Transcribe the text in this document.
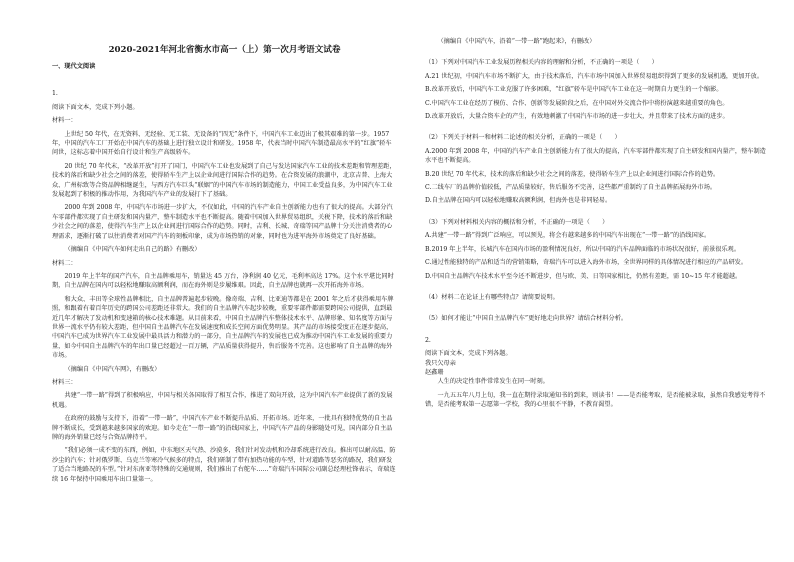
2020-2021年河北省衡水市高一（上）第一次月考语文试卷
一、现代文阅读

1.

阅读下面文本，完成下列小题。

材料一：

上世纪 50 年代，在无资料、无经验、无工装、无设备的“四无”条件下，中国汽车工业迈出了极其艰难的第一步。1957 年，中国的汽车工厂开始在中国汽车的基础上进行独立设计和研发。1958 年，代表当时中国汽车制造最高水平的“红旗”轿车问世，这标志着中国开始自行设计和生产高级轿车。

20 世纪 70 年代末，“改革开放”打开了国门，中国汽车工业也发展到了自己与发达国家汽车工业的技术差距和管理差距，技术的落后和缺少社会之间的落差，使得轿车生产上以企业间进行国际合作的趋势。在合资发展的浪潮中，北京吉普、上海大众、广州标致等合资品牌相继诞生，与西方汽车巨头“联姻”的中国汽车市场的制造能力，中国工业受益良多，为中国汽车工业发展起到了积极的推动作用，为我国汽车产业的发展打下了基础。

2000 年到 2008 年，中国汽车市场进一步扩大，不仅如此，中国的汽车产业自主创新能力也有了很大的提高。大部分汽车零部件都实现了自主研发和国内量产，整车制造水平也不断提高。随着中国加入世界贸易组织，关税下降，技术的落后和缺少社会之间的落差，使得汽车生产上以企业间进行国际合作的趋势。同时，吉利、长城、奇瑞等国产品牌十分关注消费者的心理需求，逐渐打破了以往消费者对国产汽车的刻板印象，成为市场热销的对象，同时也为进军海外市场奠定了良好基础。

（摘编自《中国汽车如何走出自己的路》有删改）

材料二：

2019 年上半年的国产汽车，自主品牌乘用车，销量达 45 万台，净利润 40 亿元，毛利率高达 17%。这个水平堪比同时期，自主品牌在国内可以轻松地赚取高额利润，而在海外则是步履维艰。因此，自主品牌也就再一次开拓海外市场。

和大众、丰田等全球性品牌相比，自主品牌普遍起步较晚。像奇瑞、吉利、比亚迪等都是在 2001 年之后才获得乘用车牌照，和跟着有着百年历史的跨国公司差距还非常大。我们的自主品牌汽车起步较晚，重要零部件都需要跨国公司提供，直到最近几年才解决了发动机和变速箱的核心技术难题。从目前来看，中国自主品牌汽车整体技术水平、品牌形象、知名度等方面与世界一流水平仍有较大差距，但中国自主品牌汽车在发展速度和成长空间方面优势明显。其产品的市场接受度正在逐步提高，中国汽车已成为世界汽车工业发展中最具活力和潜力的一部分，自主品牌汽车的发展也已成为推动中国汽车工业发展的重要力量，如今中国自主品牌汽车的年出口量已经超过一百万辆，产品质量获得提升，售后服务不完善。这也影响了自主品牌的海外市场。

（摘编自《中国汽车网》，有删改）

材料三：

共建“一带一路”得到了积极响应，中国与相关各国取得了相互合作，推进了双向开放，这为中国汽车产业提供了新的发展机遇。

在政府的鼓励与支持下，沿着“一带一路”，中国汽车产业不断提升品质、开拓市场。近年来，一批具有独特优势的自主品牌不断成长，受到越来越多国家的欢迎。如今走在“一带一路”的沿线国家上，中国汽车产品的身影随处可见，国内部分自主品牌的海外销量已经与合资品牌持平。

“我们必须一成不变的东西，例如，中东地区天气热、沙漠多，我们针对发动机和冷却系统进行改良。推出可以耐高温、防沙尘的汽车；针对俄罗斯、乌克兰等寒冷气候多的特点，我们研制了带有加热功能的车型，针对道路等恶劣的路况，我们研发了适合当地路况的车型。”针对东南亚等特殊的交通规则，我们推出了右舵车……”奇瑞汽车国际公司副总经理杜锋表示，奇瑞连续 16 年保持中国乘用车出口量第一。

（摘编自《中国汽车，沿着“一带一路”跑起来》，有删改）

（1）下列对中国汽车工业发展历程相关内容的理解和分析，不正确的一项是（　　）

A.21 世纪初，中国汽车市场不断扩大，由于技术落后，汽车市场中国加入世界贸易组织得到了更多的发展机遇，更加开放。

B.改革开放后，中国汽车工业克服了许多困难，“红旗”轿车是中国汽车工业在这一时期自力更生的一个缩影。

C.中国汽车工业在经历了模仿、合作、创新等发展阶段之后，在中国对外交流合作中将扮演越来越重要的角色。

D.改革开放后，大量合资车企的产生，有效地刺激了中国汽车市场的进一步壮大，并且带来了技术方面的进步。

（2）下列关于材料一和材料二论述的相关分析，正确的一项是（　　）

A.2000 年到 2008 年，中国的汽车产业自主创新能力有了很大的提高，汽车零部件都实现了自主研发和国内量产，整车制造水平也不断提高。

B.20 世纪 70 年代末，技术的落后和缺少社会之间的落差，使得轿车生产上以企业间进行国际合作的趋势。

C.二线车厂的品牌价值较低，产品质量较好，售后服务不完善，这些都严重制约了自主品牌拓展海外市场。

D.自主品牌在国内可以轻松地赚取高额利润，但海外也是非同轻易。

（3）下列对材料相关内容的概括和分析，不正确的一项是（　　）

A.共建“一带一路”得到广泛响应，可以预见，将会有越来越多的中国汽车出现在“一带一路”的沿线国家。

B.2019 年上半年，长城汽车在国内市场的盈利情况良好，所以中国的汽车品牌面临的市场状况很好，前景很乐观。

C.通过性能独特的产品和适当的营销策略，奇瑞汽车可以进入海外市场，全世界同样的具体情况进行相应的产品研发。

D.中国自主品牌汽车技术水平至今还不断进步，但与欧、美、日等国家相比，仍然有差距，需 10~15 年才能超越。

（4）材料二在论证上有哪些特点？请简要说明。

（5）如何才能让“中国自主品牌汽车”更好地走向世界？请结合材料分析。

2.

阅读下面文本，完成下列各题。

我只欠母亲

赵鑫珊

人生的决定性事件常常发生在同一时刻。

一九五五年八月上旬，我一直在期待录取通知书的到来，则读书！——是否能考取，是否能被录取，虽然自我感觉考得不错，是否能考取第一志愿第一学校，我的心里很不平静，不教育渴望。
